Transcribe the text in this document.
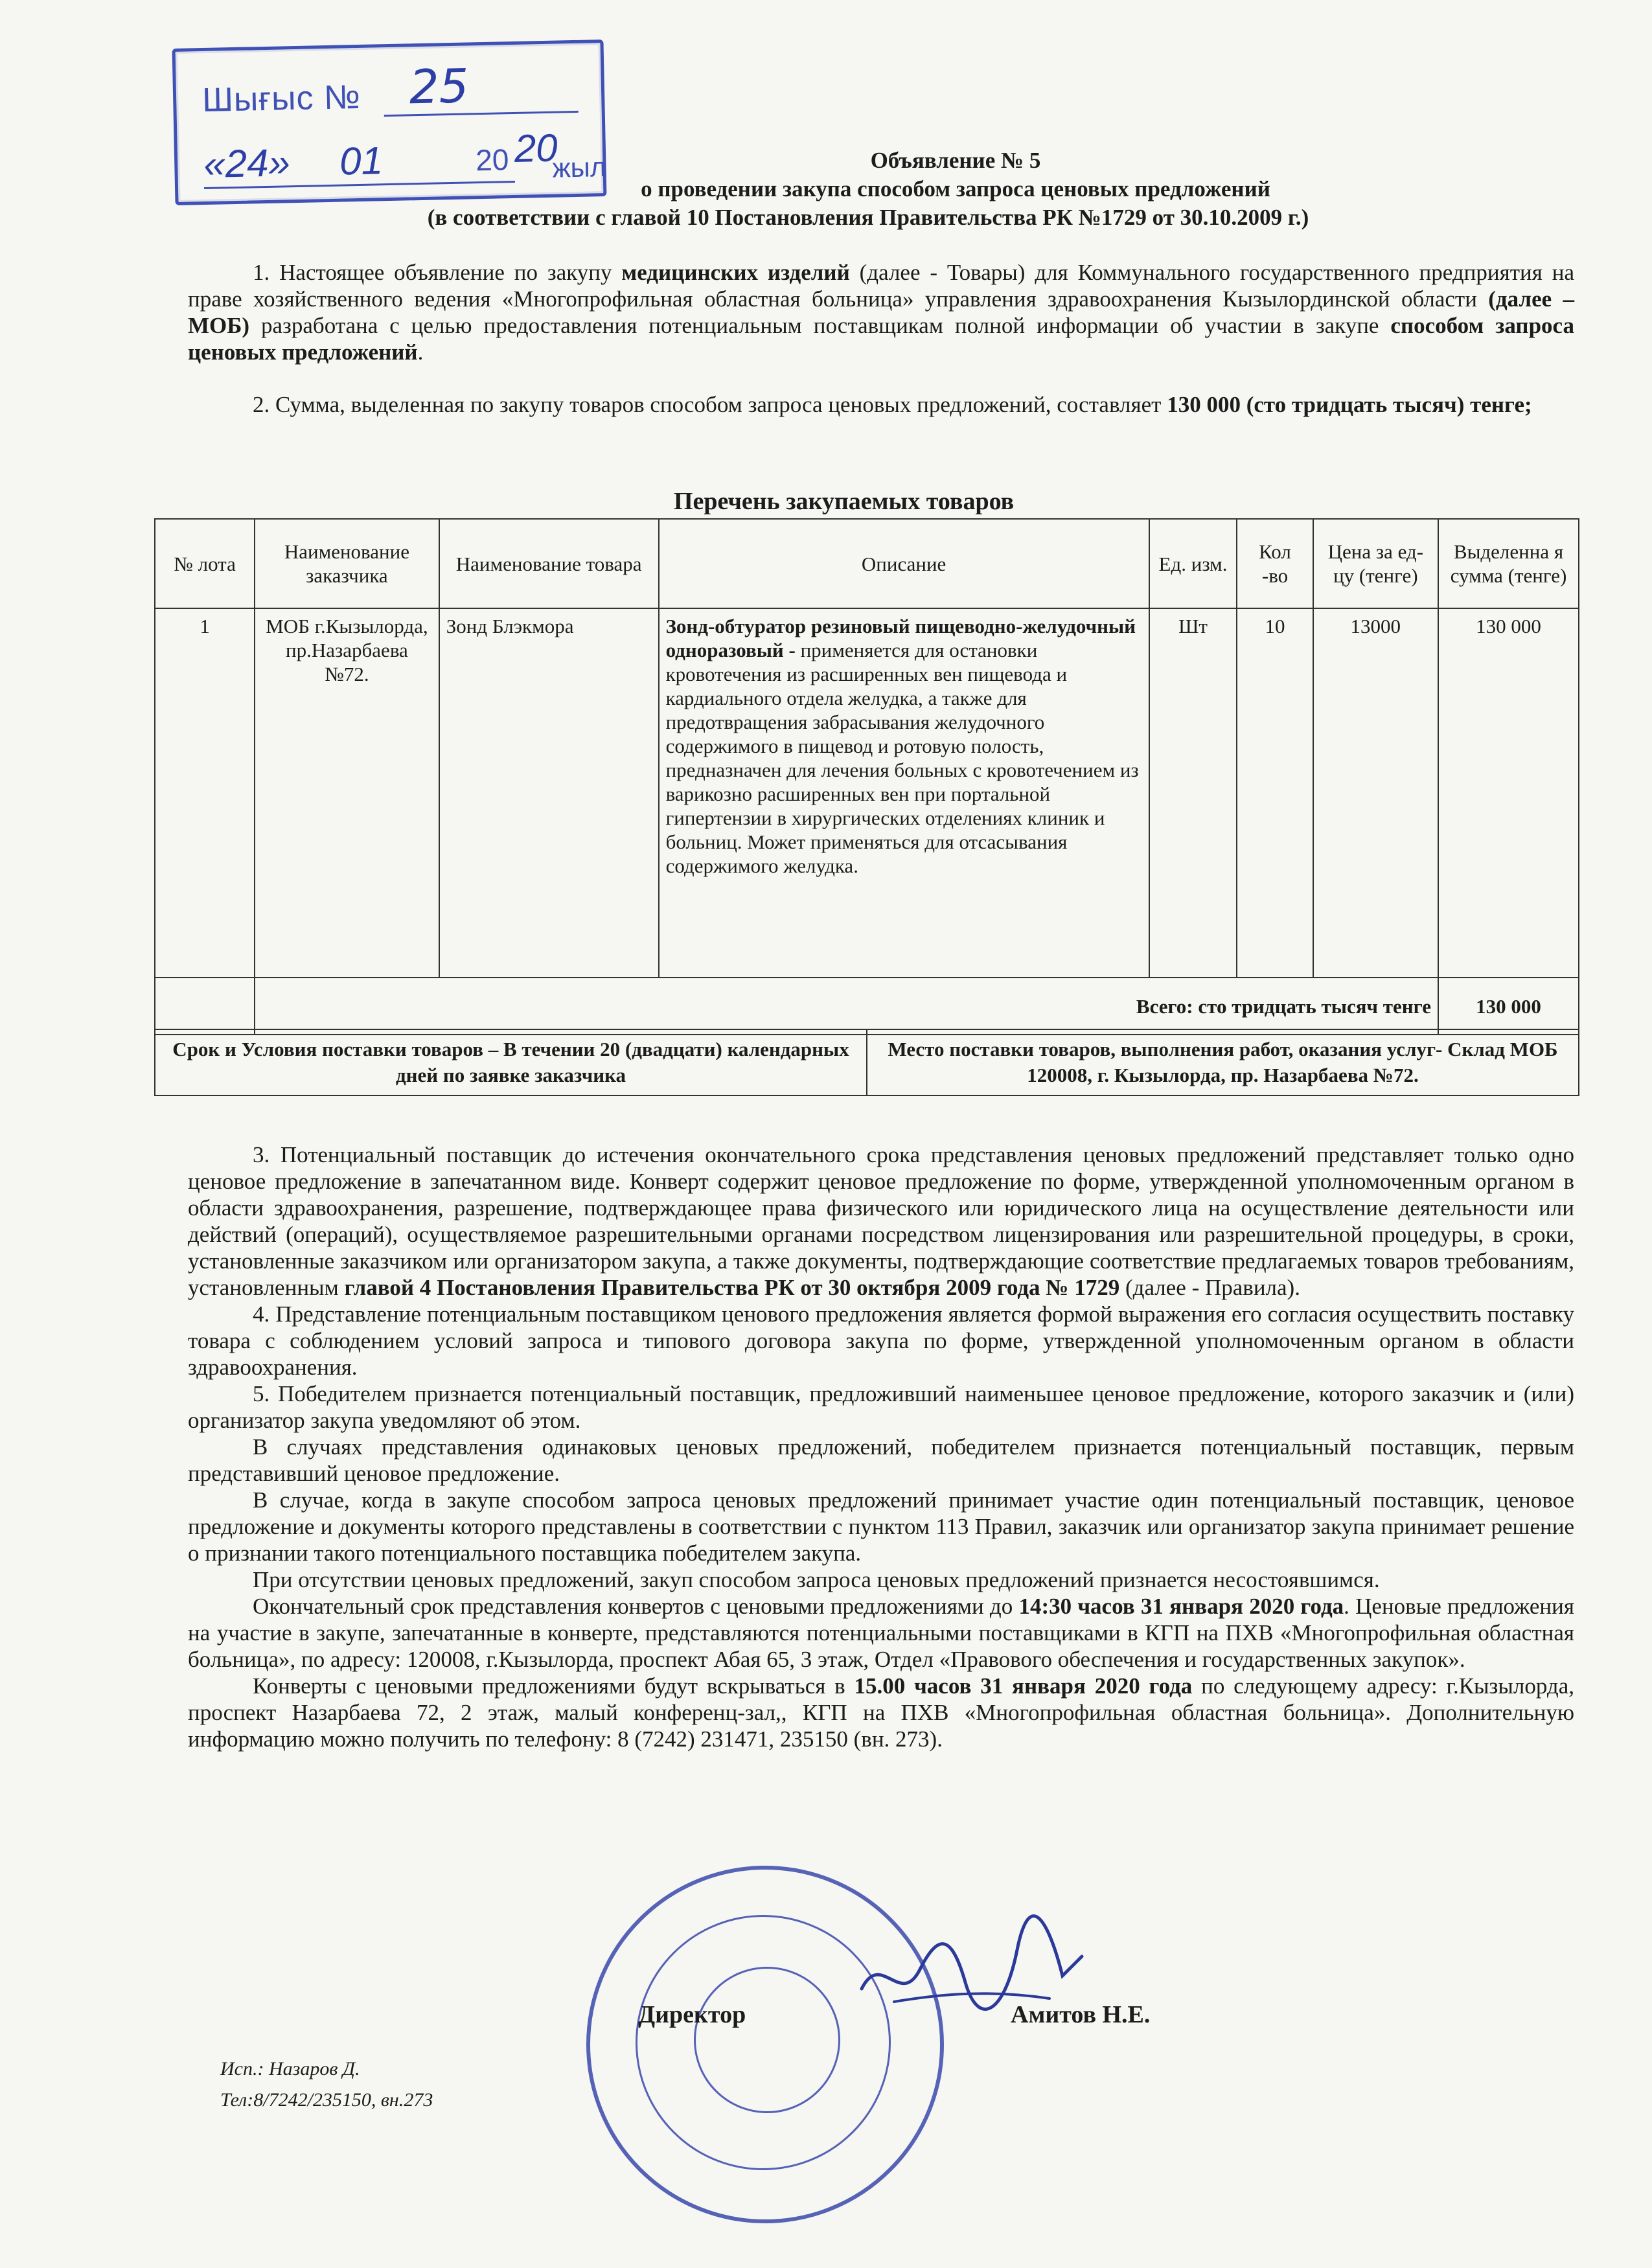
Шығыс № 25
«24» 01	20 20
жыл	Объявление № 5
о проведении закупа способом запроса ценовых предложений
(в соответствии с главой 10 Постановления Правительства РК №1729 от 30.10.2009 г.)
1. Настоящее объявление по закупу медицинских изделий (далее - Товары) для Коммунального государственного предприятия на праве хозяйственного ведения «Многопрофильная областная больница» управления здравоохранения Кызылординской области (далее – МОБ) разработана с целью предоставления потенциальным поставщикам полной информации об участии в закупе способом запроса ценовых предложений.
2. Сумма, выделенная по закупу товаров способом запроса ценовых предложений, составляет 130 000 (сто тридцать тысяч) тенге;
Перечень закупаемых товаров
№ лота	Наименование заказчика	Наименование товара	Описание	Ед. изм.	Кол -во	Цена за ед-цу (тенге)	Выделенна я сумма (тенге)
1	МОБ г.Кызылорда, пр.Назарбаева №72.	Зонд Блэкмора	Зонд-обтуратор резиновый пищеводно-желудочный одноразовый - применяется для остановки кровотечения из расширенных вен пищевода и кардиального отдела желудка, а также для предотвращения забрасывания желудочного содержимого в пищевод и ротовую полость, предназначен для лечения больных с кровотечением из варикозно расширенных вен при портальной гипертензии в хирургических отделениях клиник и больниц. Может применяться для отсасывания содержимого желудка.	Шт	10	13000	130 000
	Всего: сто тридцать тысяч тенге						130 000
Срок и Условия поставки товаров – В течении 20 (двадцати) календарных дней по заявке заказчика	Место поставки товаров, выполнения работ, оказания услуг- Склад МОБ 120008, г. Кызылорда, пр. Назарбаева №72.
3. Потенциальный поставщик до истечения окончательного срока представления ценовых предложений представляет только одно ценовое предложение в запечатанном виде. Конверт содержит ценовое предложение по форме, утвержденной уполномоченным органом в области здравоохранения, разрешение, подтверждающее права физического или юридического лица на осуществление деятельности или действий (операций), осуществляемое разрешительными органами посредством лицензирования или разрешительной процедуры, в сроки, установленные заказчиком или организатором закупа, а также документы, подтверждающие соответствие предлагаемых товаров требованиям, установленным главой 4 Постановления Правительства РК от 30 октября 2009 года № 1729 (далее - Правила).
4. Представление потенциальным поставщиком ценового предложения является формой выражения его согласия осуществить поставку товара с соблюдением условий запроса и типового договора закупа по форме, утвержденной уполномоченным органом в области здравоохранения.
5. Победителем признается потенциальный поставщик, предложивший наименьшее ценовое предложение, которого заказчик и (или) организатор закупа уведомляют об этом.
В случаях представления одинаковых ценовых предложений, победителем признается потенциальный поставщик, первым представивший ценовое предложение.
В случае, когда в закупе способом запроса ценовых предложений принимает участие один потенциальный поставщик, ценовое предложение и документы которого представлены в соответствии с пунктом 113 Правил, заказчик или организатор закупа принимает решение о признании такого потенциального поставщика победителем закупа.
При отсутствии ценовых предложений, закуп способом запроса ценовых предложений признается несостоявшимся.
Окончательный срок представления конвертов с ценовыми предложениями до 14:30 часов 31 января 2020 года. Ценовые предложения на участие в закупе, запечатанные в конверте, представляются потенциальными поставщиками в КГП на ПХВ «Многопрофильная областная больница», по адресу: 120008, г.Кызылорда, проспект Абая 65, 3 этаж, Отдел «Правового обеспечения и государственных закупок».
Конверты с ценовыми предложениями будут вскрываться в 15.00 часов 31 января 2020 года по следующему адресу: г.Кызылорда, проспект Назарбаева 72, 2 этаж, малый конференц-зал,, КГП на ПХВ «Многопрофильная областная больница». Дополнительную информацию можно получить по телефону: 8 (7242) 231471, 235150 (вн. 273).
Директор	Амитов Н.Е.
Исп.: Назаров Д.
Тел:8/7242/235150, вн.273
